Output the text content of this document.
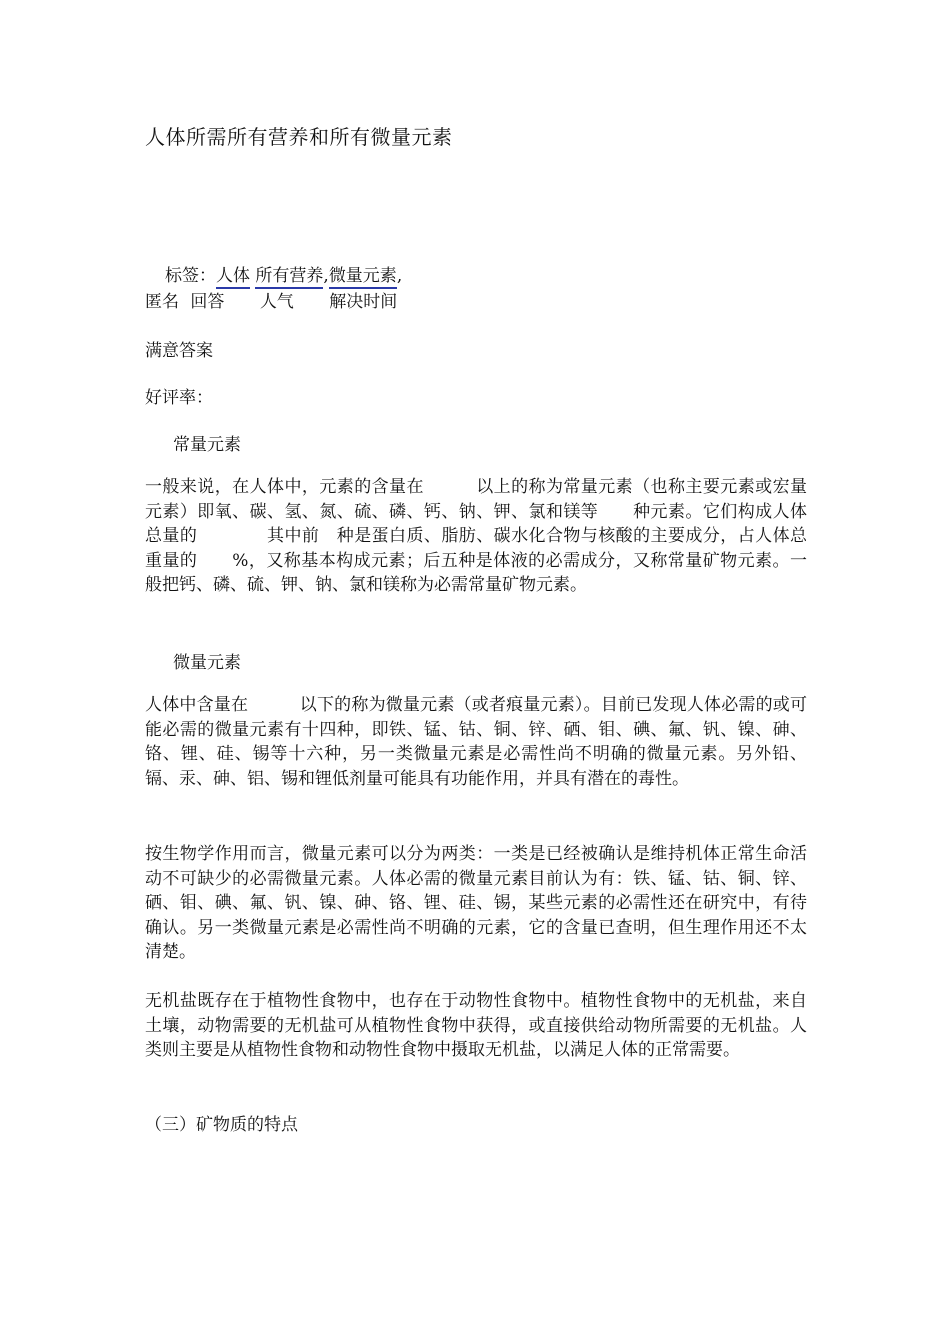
人体所需所有营养和所有微量元素
标签：人体 所有营养,微量元素,
匿名 回答 人气 解决时间
满意答案
好评率：
常量元素
一般来说，在人体中，元素的含量在　　　以上的称为常量元素（也称主要元素或宏量元素）即氧、碳、氢、氮、硫、磷、钙、钠、钾、氯和镁等　　种元素。它们构成人体总量的　　　　其中前　种是蛋白质、脂肪、碳水化合物与核酸的主要成分，占人体总重量的　　%，又称基本构成元素；后五种是体液的必需成分，又称常量矿物元素。一般把钙、磷、硫、钾、钠、氯和镁称为必需常量矿物元素。
微量元素
人体中含量在　　　以下的称为微量元素（或者痕量元素）。目前已发现人体必需的或可能必需的微量元素有十四种，即铁、锰、钴、铜、锌、硒、钼、碘、氟、钒、镍、砷、铬、锂、硅、锡等十六种，另一类微量元素是必需性尚不明确的微量元素。另外铅、镉、汞、砷、铝、锡和锂低剂量可能具有功能作用，并具有潜在的毒性。
按生物学作用而言，微量元素可以分为两类：一类是已经被确认是维持机体正常生命活动不可缺少的必需微量元素。人体必需的微量元素目前认为有：铁、锰、钴、铜、锌、硒、钼、碘、氟、钒、镍、砷、铬、锂、硅、锡，某些元素的必需性还在研究中，有待确认。另一类微量元素是必需性尚不明确的元素，它的含量已查明，但生理作用还不太清楚。
无机盐既存在于植物性食物中，也存在于动物性食物中。植物性食物中的无机盐，来自土壤，动物需要的无机盐可从植物性食物中获得，或直接供给动物所需要的无机盐。人类则主要是从植物性食物和动物性食物中摄取无机盐，以满足人体的正常需要。
（三）矿物质的特点
